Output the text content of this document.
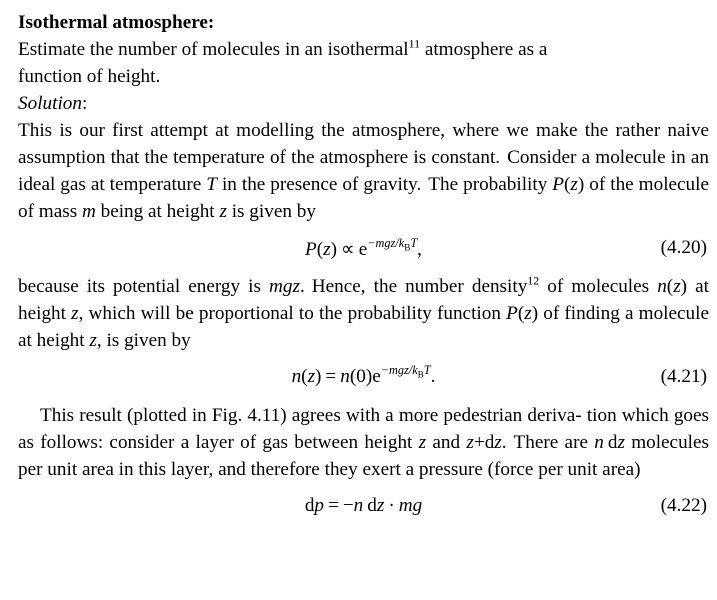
Isothermal atmosphere:
Estimate the number of molecules in an isothermal$^{11}$ atmosphere as a
function of height.
Solution:
This is our first attempt at modelling the atmosphere, where we make the rather naive assumption that the temperature of the atmosphere is constant. Consider a molecule in an ideal gas at temperature T in the presence of gravity. The probability P(z) of the molecule of mass m being at height z is given by
$P(z) \propto e^{-mgz/k_BT}$,	(4.20)
because its potential energy is mgz. Hence, the number density$^{12}$ of molecules n(z) at height z, which will be proportional to the probability function P(z) of finding a molecule at height z, is given by
$n(z) = n(0)e^{-mgz/k_BT}$.	(4.21)
This result (plotted in Fig. 4.11) agrees with a more pedestrian deriva- tion which goes as follows: consider a layer of gas between height z and z+dz. There are n dz molecules per unit area in this layer, and therefore they exert a pressure (force per unit area)
dp = −n dz · mg	(4.22)
